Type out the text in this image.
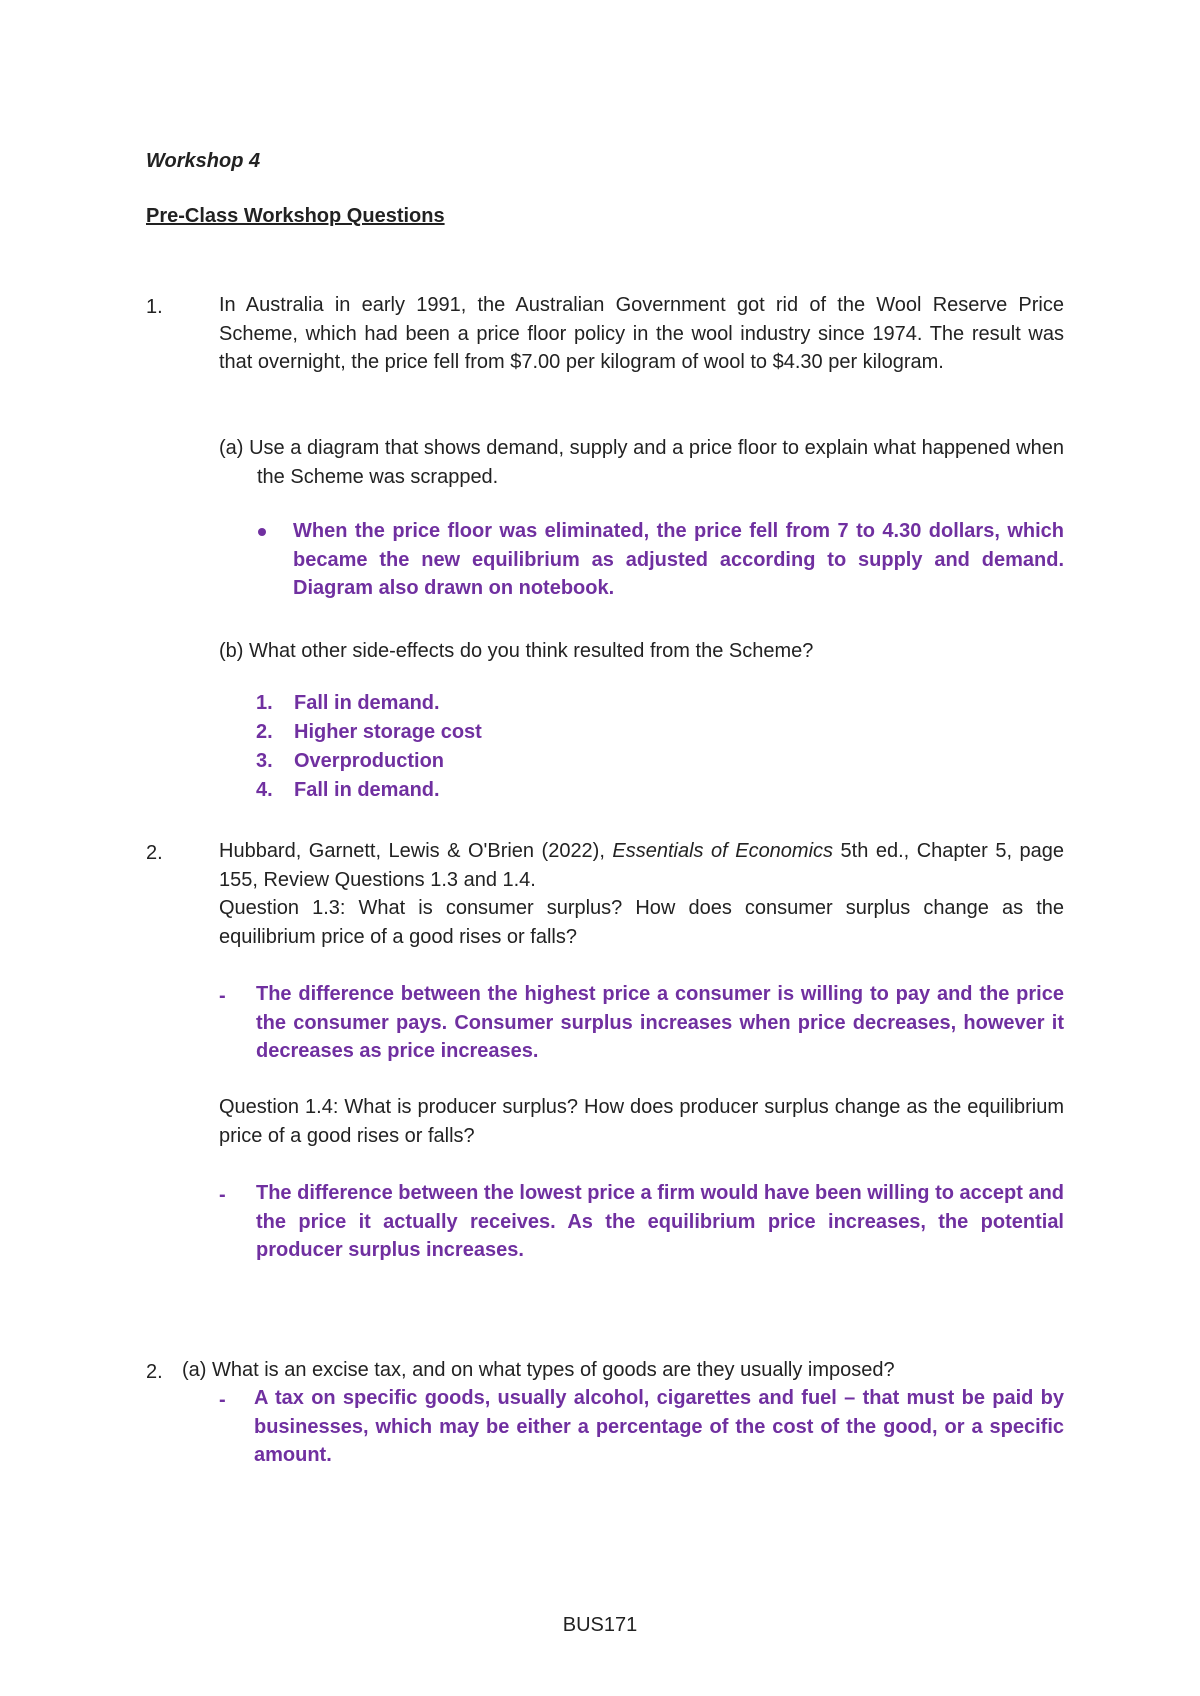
Workshop 4
Pre-Class Workshop Questions
1.	In Australia in early 1991, the Australian Government got rid of the Wool Reserve Price Scheme, which had been a price floor policy in the wool industry since 1974. The result was that overnight, the price fell from $7.00 per kilogram of wool to $4.30 per kilogram.
(a) Use a diagram that shows demand, supply and a price floor to explain what happened when the Scheme was scrapped.
When the price floor was eliminated, the price fell from 7 to 4.30 dollars, which became the new equilibrium as adjusted according to supply and demand. Diagram also drawn on notebook.
(b) What other side-effects do you think resulted from the Scheme?
1. Fall in demand.
2. Higher storage cost
3. Overproduction
4. Fall in demand.
2.	Hubbard, Garnett, Lewis & O'Brien (2022), Essentials of Economics 5th ed., Chapter 5, page 155, Review Questions 1.3 and 1.4.
Question 1.3: What is consumer surplus? How does consumer surplus change as the equilibrium price of a good rises or falls?
- The difference between the highest price a consumer is willing to pay and the price the consumer pays. Consumer surplus increases when price decreases, however it decreases as price increases.
Question 1.4: What is producer surplus? How does producer surplus change as the equilibrium price of a good rises or falls?
- The difference between the lowest price a firm would have been willing to accept and the price it actually receives. As the equilibrium price increases, the potential producer surplus increases.
2. (a) What is an excise tax, and on what types of goods are they usually imposed?
- A tax on specific goods, usually alcohol, cigarettes and fuel – that must be paid by businesses, which may be either a percentage of the cost of the good, or a specific amount.
BUS171
